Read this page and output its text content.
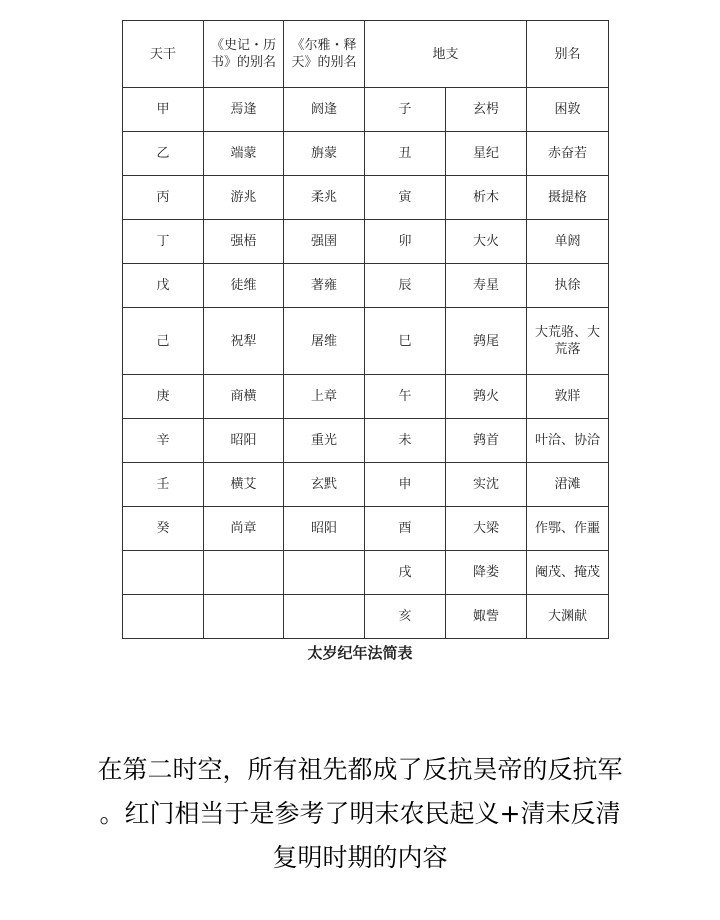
天干	《史记・历书》的别名	《尔雅・释天》的别名	地支		别名
甲	焉逢	阏逢	子	玄枵	困敦
乙	端蒙	旃蒙	丑	星纪	赤奋若
丙	游兆	柔兆	寅	析木	摄提格
丁	强梧	强圉	卯	大火	单阏
戊	徒维	著雍	辰	寿星	执徐
己	祝犁	屠维	巳	鹑尾	大荒骆、大荒落
庚	商横	上章	午	鹑火	敦牂
辛	昭阳	重光	未	鹑首	叶洽、协洽
壬	横艾	玄黓	申	实沈	涒滩
癸	尚章	昭阳	酉	大梁	作鄂、作噩
			戌	降娄	阉茂、掩茂
			亥	娵訾	大渊献
太岁纪年法简表
在第二时空，所有祖先都成了反抗昊帝的反抗军
。红门相当于是参考了明末农民起义+清末反清
复明时期的内容
